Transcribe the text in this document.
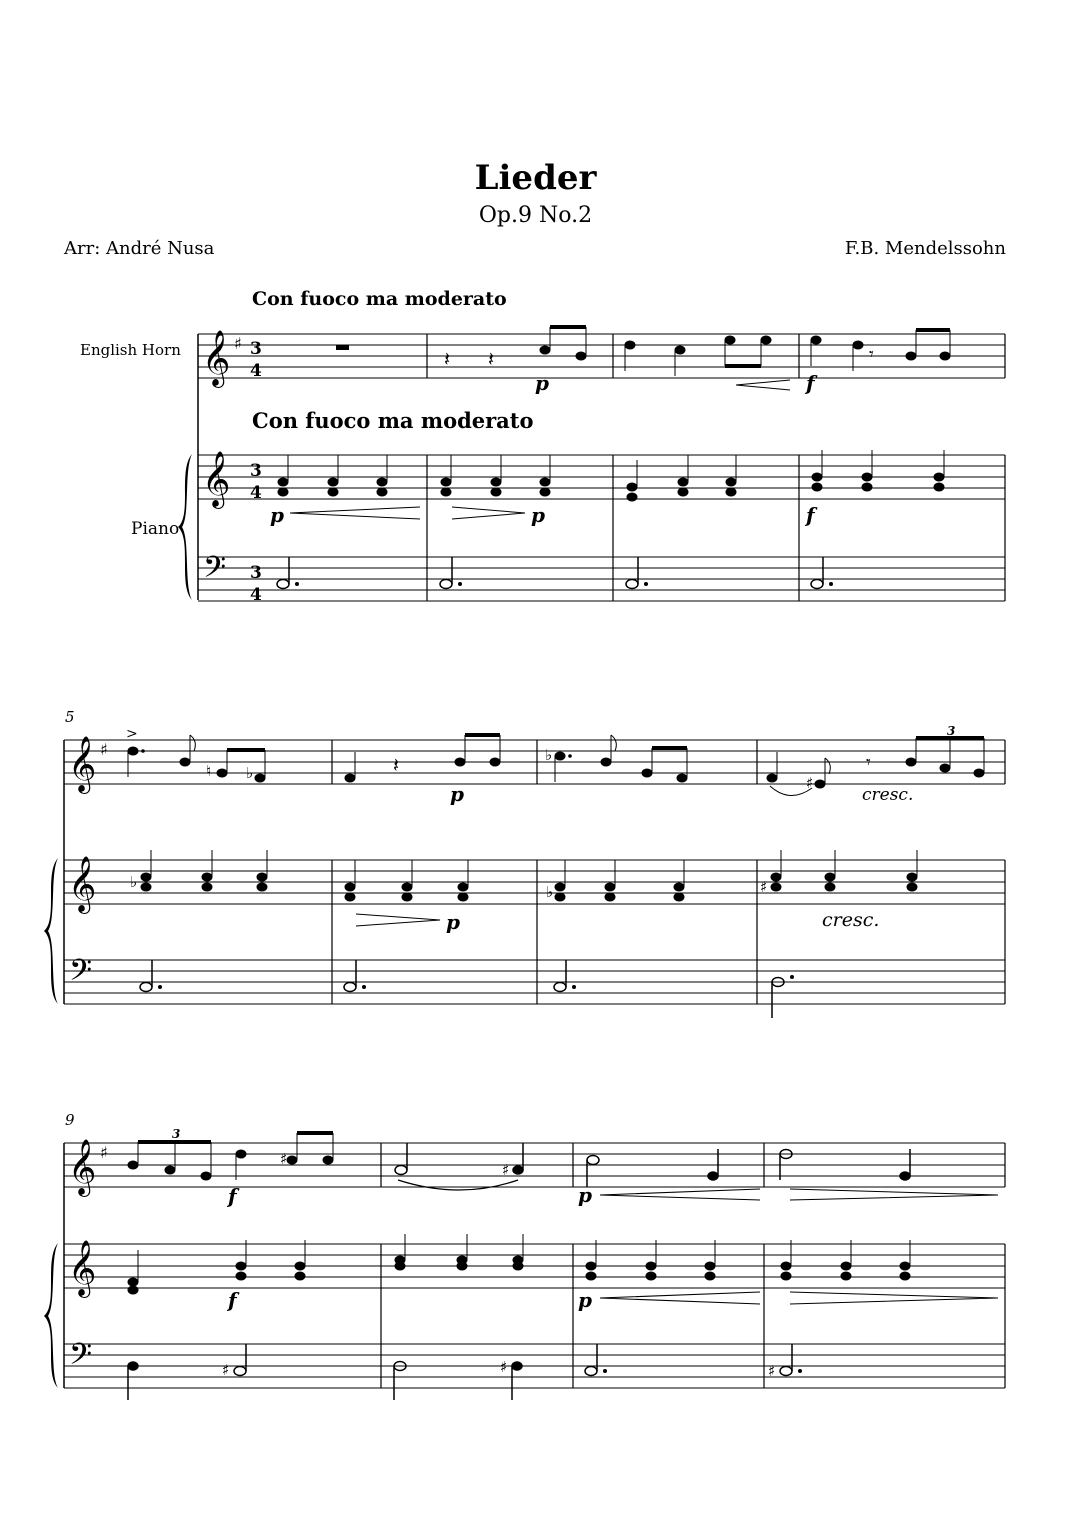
Lieder
Op.9 No.2
Arr: André Nusa	F.B. Mendelssohn
English Horn
Piano
Con fuoco ma moderato
Con fuoco ma moderato
𝄞
𝄞
𝄢
♯ 3
4
3
4
3
4
𝄽 𝄽	𝄾
p	f
p	p	f
5
𝄞
𝄞
𝄢
♯
>
♮ ♭	𝄽
p
♭
♯
𝄾
3
cresc.
♭
♭	♯
p	cresc.
9
𝄞
𝄞
𝄢
♯	♯
3
f
♯
p
f	p
♯	♯	♯
